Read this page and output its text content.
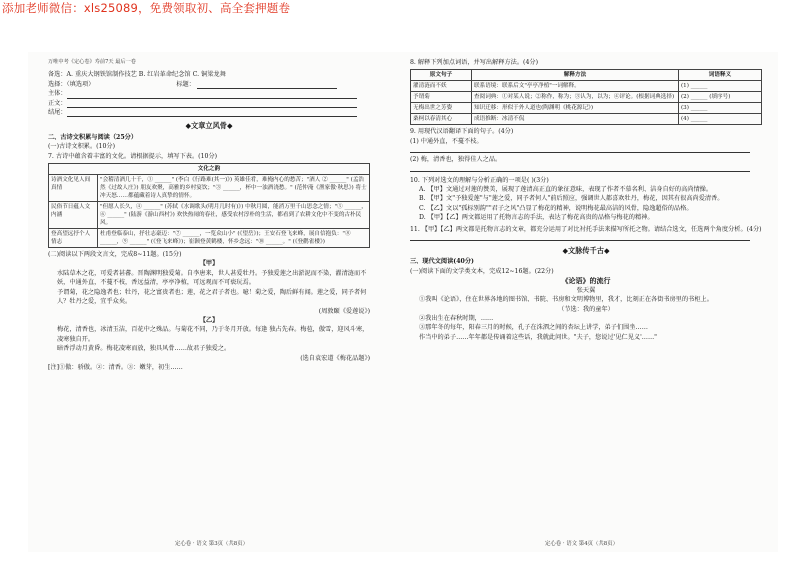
添加老师微信：xls25089，免费领取初、高全套押题卷
万唯中考《定心卷》寿前7天 最后一卷
备选：A. 重庆大钢铁馆制作技艺 B. 红岩革命纪念馆 C. 铜梁龙舞
选择：（填选项）	标题：
主体：
正文：
结尾：
◆文章立风骨◆
二、古诗文积累与阅读（25分）
(一)古诗文积累。(10分)
7. 古诗中蕴含着丰富的文化。请根据提示，填写下表。(10分)
文化之韵	
诗酒文化见人间真情	"会稽清酒几十千，① ______" (李白《行路难(其一)》) 英雄佳肴，难掩内心的愁苦；"酒人 ② ______" (孟浩然《过故人庄》) 朋友欢聚，高雅的乡村宴饮；"③ ______，杯中一浊酒浇愁。" (范仲淹《渔家傲·秋思》) 将士冲天怒……都蕴藏着诗人真挚的情怀。
民俗节日蕴人文内涵	"但愿人长久，④ ______" (苏轼《水调歌头(明月几时有)》) 中秋月圆，能消万里千山思念之情；"⑤ ______，⑥ ______" (陆游《游山西村》) 欢快热闹的春社，感受农村淳朴的生活，都看到了农耕文化中不变的古朴民风。
登高望远抒个人情志	杜甫登临泰山，抒壮志豪迈："⑦ ______，一览众山小" (《望岳》)；王安石登飞来峰，展自信抱负："⑧ ______，⑨ ______" (《登飞来峰》)；崔颢登黄鹤楼，怀乡念远："⑩ ______。" (《登鹳雀楼》)
(二)阅读以下两段文言文，完成8~11题。(15分)
【甲】
水陆草木之花，可爱者甚蕃。晋陶渊明独爱菊。自李唐来，世人甚爱牡丹。予独爱莲之出淤泥而不染，濯清涟而不妖，中通外直，不蔓不枝，香远益清，亭亭净植，可远观而不可亵玩焉。
予谓菊，花之隐逸者也；牡丹，花之富贵者也；莲，花之君子者也。噫！菊之爱，陶后鲜有闻。莲之爱，同予者何人？牡丹之爱，宜乎众矣。
(周敦颐《爱莲说》)
【乙】
梅花，清香也，冰清玉洁，百花中之殊品。与菊花不同，乃于冬月开放。每逢 独占先春。梅苞，傲雪，迎风斗寒，凌寒独自开。
暗香浮动月黄昏。梅花凌寒而放，独具风骨……故君子独爱之。
(选自袁宏道《梅花品题》)
[注]①傲：骄傲。②：清香。③：嫩芽，初生……
定心卷 · 语文 第3页（共8页）
8. 解释下列加点词语，并写出解释方法。(4分)
原文句子	解释方法	词语释义
濯清涟而不妖	联系语境：联系后文"亭亭净植"一词解释。	(1) ______
予谓菊	查阅词典：①对某人说；②称作，称为；③认为，以为；④评论。(根据词典选择)	(2) ______ (填序号)
无梅出世之芳姿	知识迁移：形似于外人道也(陶渊明《桃花源记》)	(3) ______
桑柯以春清其心	成语推断：冰清不侃	(4) ______
9. 用现代汉语翻译下面的句子。(4分)
(1) 中通外直，不蔓不枝。
(2) 梅，清香也，独得佳人之品。
10. 下列对选文的理解与分析正确的一项是( )(3分)
A. 【甲】文通过对莲的赞美，展现了莲清高正直的象征意味，表现了作者不慕名利、洁身自好的高尚情操。
B. 【甲】文"予独爱莲"与"莲之爱，同予者何人"前后照应，强调世人都喜欢牡丹，梅花，因其有很高尚爱清香。
C. 【乙】文以"孤标别韵""君子之风"凸显了梅花的精神，说明梅花最高洁的风骨，隐逸超俗的品格。
D. 【甲】【乙】两文都运用了托物言志的手法，表达了梅花高贵的品格与梅花的精神。
11. 【甲】【乙】两文都是托物言志的文章，都充分运用了对比衬托手法来描写所托之物。请结合选文，任选两个角度分析。(4分)
◆文脉传千古◆
三、现代文阅读(40分)
(一)阅读下面的文学类文本，完成12~16题。(22分)
《论语》的流行
张天翼
①我叫《论语》，住在世界各地的图书馆、书院、书房和文明博物里，我才，比刻正在各街书房里的书柜上。
（节选：我的童年）
②我出生在春秋时期，……
③那年冬的每年，阳春三月的时候，孔子在洙泗之间的杏坛上讲学，弟子们围坐……
作当中的弟子……年年都是传诵着这些话，我就此问世。"夫子，您说过'见仁见义'……"
定心卷 · 语文 第4页（共8页）
